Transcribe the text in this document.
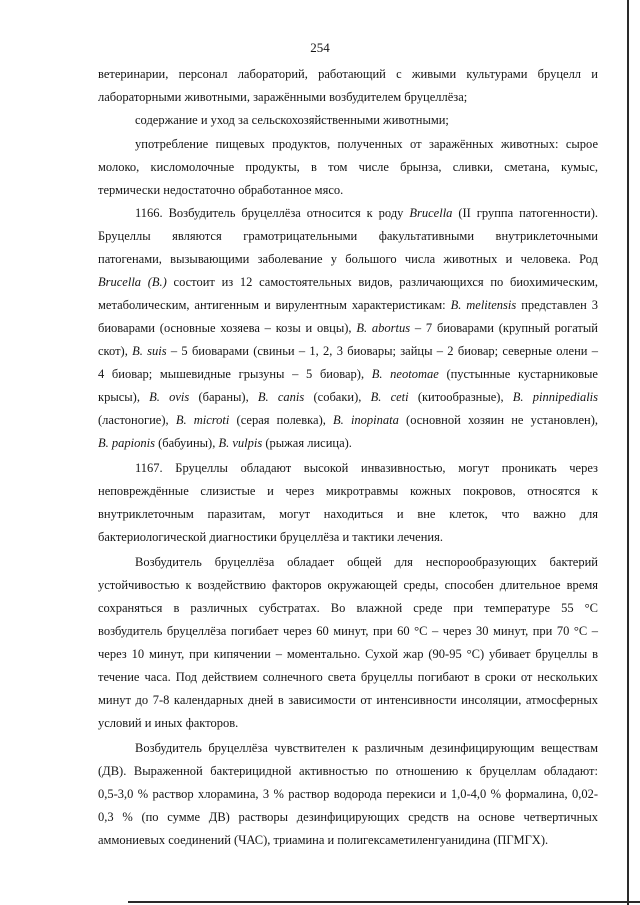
254
ветеринарии, персонал лабораторий, работающий с живыми культурами бруцелл и
лабораторными животными, заражёнными возбудителем бруцеллёза;
содержание и уход за сельскохозяйственными животными;
употребление пищевых продуктов, полученных от заражённых животных: сырое
молоко, кисломолочные продукты, в том числе брынза, сливки, сметана, кумыс,
термически недостаточно обработанное мясо.
1166. Возбудитель бруцеллёза относится к роду Brucella (II группа патогенности).
Бруцеллы являются грамотрицательными факультативными внутриклеточными
патогенами, вызывающими заболевание у большого числа животных и человека. Род
Brucella (B.) состоит из 12 самостоятельных видов, различающихся по биохимическим,
метаболическим, антигенным и вирулентным характеристикам: B. melitensis представлен 3
биоварами (основные хозяева – козы и овцы), B. abortus – 7 биоварами (крупный рогатый
скот), B. suis – 5 биоварами (свиньи – 1, 2, 3 биовары; зайцы – 2 биовар; северные олени –
4 биовар; мышевидные грызуны – 5 биовар), B. neotomae (пустынные кустарниковые
крысы), B. ovis (бараны), B. canis (собаки), B. ceti (китообразные), B. pinnipedialis
(ластоногие), B. microti (серая полевка), B. inopinata (основной хозяин не установлен),
B. papionis (бабуины), B. vulpis (рыжая лисица).
1167. Бруцеллы обладают высокой инвазивностью, могут проникать через
неповреждённые слизистые и через микротравмы кожных покровов, относятся к
внутриклеточным паразитам, могут находиться и вне клеток, что важно для
бактериологической диагностики бруцеллёза и тактики лечения.
Возбудитель бруцеллёза обладает общей для неспорообразующих бактерий
устойчивостью к воздействию факторов окружающей среды, способен длительное время
сохраняться в различных субстратах. Во влажной среде при температуре 55 °C
возбудитель бруцеллёза погибает через 60 минут, при 60 °C – через 30 минут, при 70 °C –
через 10 минут, при кипячении – моментально. Сухой жар (90-95 °C) убивает бруцеллы в
течение часа. Под действием солнечного света бруцеллы погибают в сроки от нескольких
минут до 7-8 календарных дней в зависимости от интенсивности инсоляции, атмосферных
условий и иных факторов.
Возбудитель бруцеллёза чувствителен к различным дезинфицирующим веществам
(ДВ). Выраженной бактерицидной активностью по отношению к бруцеллам обладают:
0,5-3,0 % раствор хлорамина, 3 % раствор водорода перекиси и 1,0-4,0 % формалина, 0,02-
0,3 % (по сумме ДВ) растворы дезинфицирующих средств на основе четвертичных
аммониевых соединений (ЧАС), триамина и полигексаметиленгуанидина (ПГМГХ).
